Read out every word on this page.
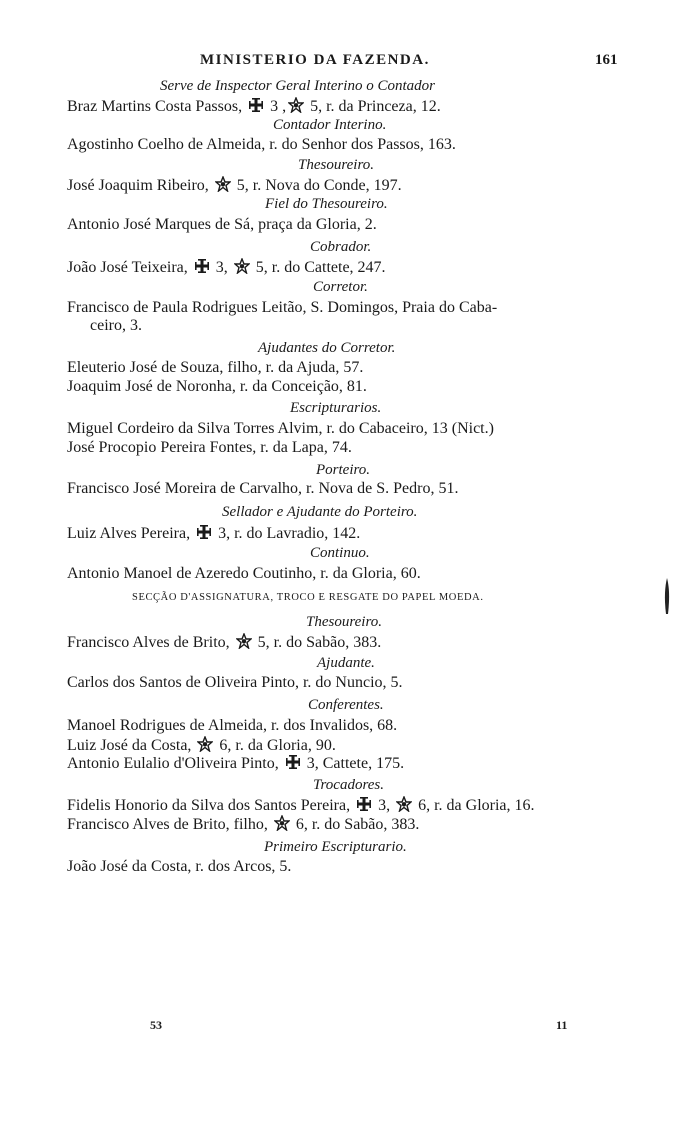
MINISTERIO DA FAZENDA.	161
Serve de Inspector Geral Interino o Contador
Braz Martins Costa Passos,  3 , 5, r. da Princeza, 12.
Contador Interino.
Agostinho Coelho de Almeida, r. do Senhor dos Passos, 163.
Thesoureiro.
José Joaquim Ribeiro,  5, r. Nova do Conde, 197.
Fiel do Thesoureiro.
Antonio José Marques de Sá, praça da Gloria, 2.
Cobrador.
João José Teixeira,  3,  5, r. do Cattete, 247.
Corretor.
Francisco de Paula Rodrigues Leitão, S. Domingos, Praia do Caba-
ceiro, 3.
Ajudantes do Corretor.
Eleuterio José de Souza, filho, r. da Ajuda, 57.
Joaquim José de Noronha, r. da Conceição, 81.
Escripturarios.
Miguel Cordeiro da Silva Torres Alvim, r. do Cabaceiro, 13 (Nict.)
José Procopio Pereira Fontes, r. da Lapa, 74.
Porteiro.
Francisco José Moreira de Carvalho, r. Nova de S. Pedro, 51.
Sellador e Ajudante do Porteiro.
Luiz Alves Pereira,  3, r. do Lavradio, 142.
Continuo.
Antonio Manoel de Azeredo Coutinho, r. da Gloria, 60.
SECÇÃO D'ASSIGNATURA, TROCO E RESGATE DO PAPEL MOEDA.
Thesoureiro.
Francisco Alves de Brito,  5, r. do Sabão, 383.
Ajudante.
Carlos dos Santos de Oliveira Pinto, r. do Nuncio, 5.
Conferentes.
Manoel Rodrigues de Almeida, r. dos Invalidos, 68.
Luiz José da Costa,  6, r. da Gloria, 90.
Antonio Eulalio d'Oliveira Pinto,  3, Cattete, 175.
Trocadores.
Fidelis Honorio da Silva dos Santos Pereira,  3,  6, r. da Gloria, 16.
Francisco Alves de Brito, filho,  6, r. do Sabão, 383.
Primeiro Escripturario.
João José da Costa, r. dos Arcos, 5.
53	11
